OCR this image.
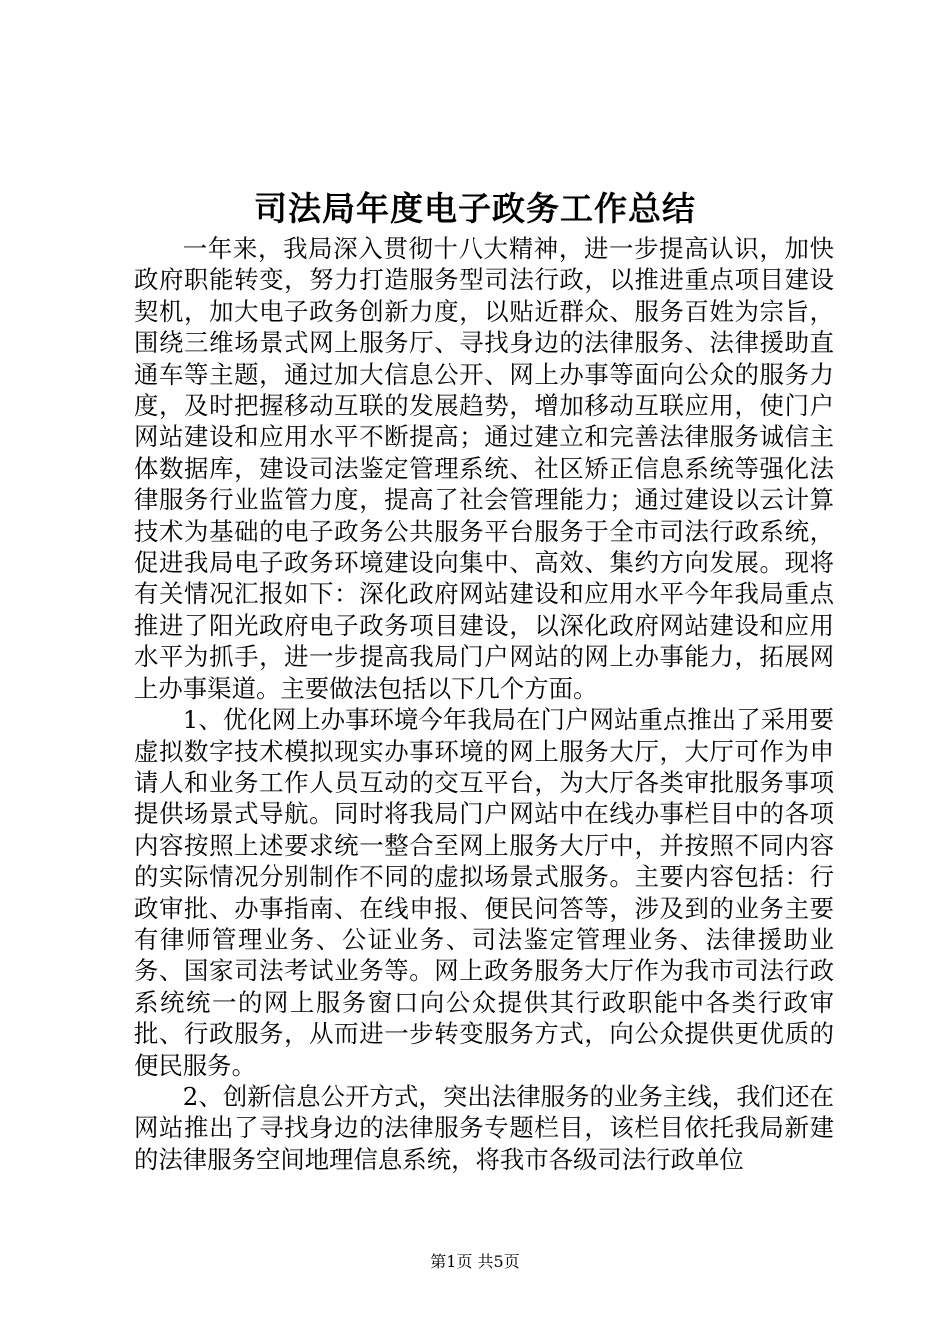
司法局年度电子政务工作总结

一年来，我局深入贯彻十八大精神，进一步提高认识，加快政府职能转变，努力打造服务型司法行政，以推进重点项目建设契机，加大电子政务创新力度，以贴近群众、服务百姓为宗旨，围绕三维场景式网上服务厅、寻找身边的法律服务、法律援助直通车等主题，通过加大信息公开、网上办事等面向公众的服务力度，及时把握移动互联的发展趋势，增加移动互联应用，使门户网站建设和应用水平不断提高；通过建立和完善法律服务诚信主体数据库，建设司法鉴定管理系统、社区矫正信息系统等强化法律服务行业监管力度，提高了社会管理能力；通过建设以云计算技术为基础的电子政务公共服务平台服务于全市司法行政系统，促进我局电子政务环境建设向集中、高效、集约方向发展。现将有关情况汇报如下：深化政府网站建设和应用水平今年我局重点推进了阳光政府电子政务项目建设，以深化政府网站建设和应用水平为抓手，进一步提高我局门户网站的网上办事能力，拓展网上办事渠道。主要做法包括以下几个方面。

1、优化网上办事环境今年我局在门户网站重点推出了采用要虚拟数字技术模拟现实办事环境的网上服务大厅，大厅可作为申请人和业务工作人员互动的交互平台，为大厅各类审批服务事项提供场景式导航。同时将我局门户网站中在线办事栏目中的各项内容按照上述要求统一整合至网上服务大厅中，并按照不同内容的实际情况分别制作不同的虚拟场景式服务。主要内容包括：行政审批、办事指南、在线申报、便民问答等，涉及到的业务主要有律师管理业务、公证业务、司法鉴定管理业务、法律援助业务、国家司法考试业务等。网上政务服务大厅作为我市司法行政系统统一的网上服务窗口向公众提供其行政职能中各类行政审批、行政服务，从而进一步转变服务方式，向公众提供更优质的便民服务。

2、创新信息公开方式，突出法律服务的业务主线，我们还在网站推出了寻找身边的法律服务专题栏目，该栏目依托我局新建的法律服务空间地理信息系统，将我市各级司法行政单位

第1页 共5页
